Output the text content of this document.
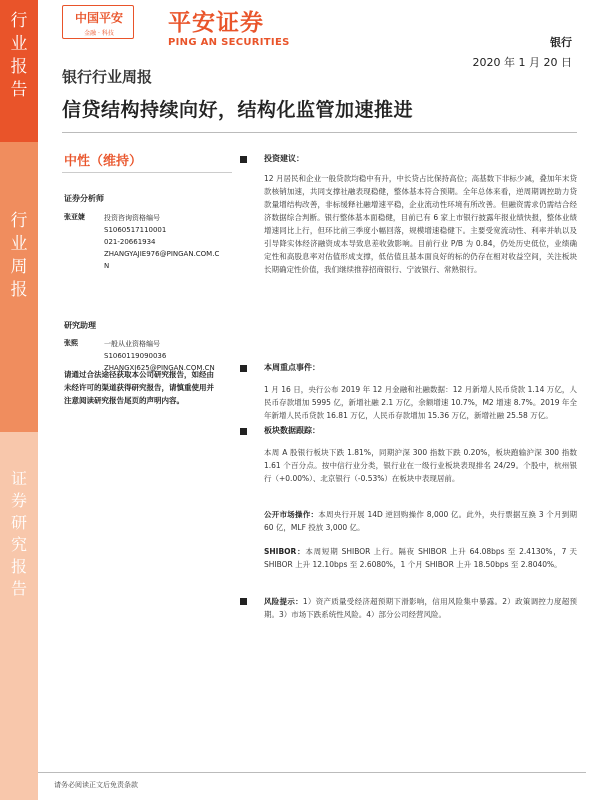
行
业
报
告
行
业
周
报
证
券
研
究
报
告
中国平安
金融 · 科技	平安证券
PING AN SECURITIES	银行
2020 年 1 月 20 日
银行行业周报
信贷结构持续向好，结构化监管加速推进
中性（维持）
证券分析师
张亚婕	投资咨询资格编号
S1060517110001
021-20661934
ZHANGYAJIE976@PINGAN.COM.C
N
研究助理
张熙	一般从业资格编号
S1060119090036
ZHANGXI625@PINGAN.COM.CN
请通过合法途径获取本公司研究报告，如经由未经许可的渠道获得研究报告，请慎重使用并注意阅读研究报告尾页的声明内容。
投资建议：
12 月居民和企业一般贷款均稳中有升，中长贷占比保持高位；高基数下非标少减，叠加年末贷款核销加速，共同支撑社融表现稳健，整体基本符合预期。全年总体来看，逆周期调控助力贷款量增结构改善，非标缓释社融增速平稳，企业流动性环境有所改善。但融资需求仍需结合经济数据综合判断。银行整体基本面稳健，目前已有 6 家上市银行披露年报业绩快报，整体业绩增速同比上行，但环比前三季度小幅回落，规模增速稳健下。主要受宽流动性、利率并轨以及引导降实体经济融资成本导致息差收敛影响。目前行业 P/B 为 0.84，仍处历史低位，业绩确定性和高股息率对估值形成支撑，低估值且基本面良好的标的仍存在相对收益空间，关注板块长期确定性价值，我们继续推荐招商银行、宁波银行、常熟银行。
本周重点事件：
1 月 16 日，央行公布 2019 年 12 月金融和社融数据：12 月新增人民币贷款 1.14 万亿，人民币存款增加 5995 亿，新增社融 2.1 万亿，余额增速 10.7%，M2 增速 8.7%。2019 年全年新增人民币贷款 16.81 万亿，人民币存款增加 15.36 万亿，新增社融 25.58 万亿。
板块数据跟踪：
本周 A 股银行板块下跌 1.81%，同期沪深 300 指数下跌 0.20%，板块跑输沪深 300 指数 1.61 个百分点。按中信行业分类，银行业在一级行业板块表现排名 24/29。个股中，杭州银行（+0.00%）、北京银行（-0.53%）在板块中表现居前。
公开市场操作：本周央行开展 14D 逆回购操作 8,000 亿。此外，央行票据互换 3 个月到期 60 亿，MLF 投放 3,000 亿。
SHIBOR：本周短期 SHIBOR 上行。隔夜 SHIBOR 上升 64.08bps 至 2.4130%，7 天 SHIBOR 上升 12.10bps 至 2.6080%，1 个月 SHIBOR 上升 18.50bps 至 2.8040%。
风险提示：1）资产质量受经济超预期下滑影响，信用风险集中暴露。2）政策调控力度超预期。3）市场下跌系统性风险。4）部分公司经营风险。
请务必阅读正文后免责条款
